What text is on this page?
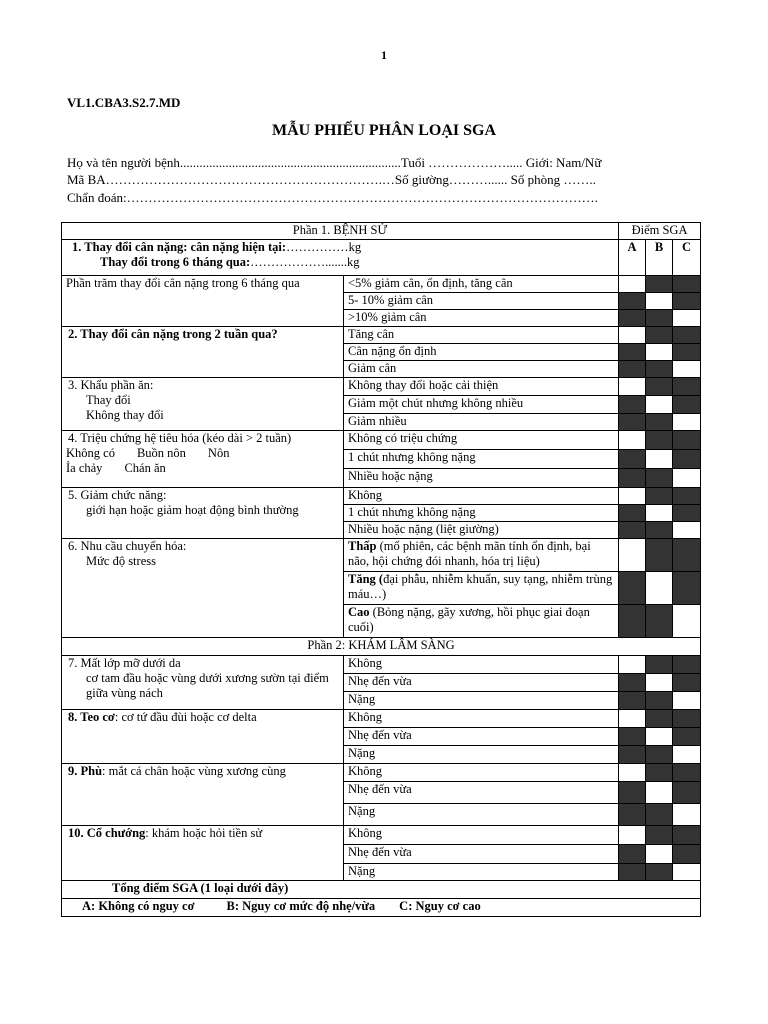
1
VL1.CBA3.S2.7.MD
MẪU PHIẾU PHÂN LOẠI SGA
Họ và tên người bệnh....................................................................Tuổi ………………..... Giới: Nam/Nữ
Mã BA……………………………………………………….…Số giường………...... Số phòng ……..
Chẩn đoán:……………………………………………………………………………………………….
Phần 1. BỆNH SỬ		Điểm SGA		

1. Thay đổi cân nặng: cân nặng hiện tại:……………kg
Thay đổi trong 6 tháng qua:……………….......kg		A	B	C
Phần trăm thay đổi cân nặng trong 6 tháng qua	<5% giảm cân, ổn định, tăng cân			
	5- 10% giảm cân			
	>10% giảm cân			
2. Thay đổi cân nặng trong 2 tuần qua?	Tăng cân			
	Cân nặng ổn định			
	Giảm cân			

3. Khẩu phần ăn:
Thay đổi
Không thay đổi	Không thay đổi hoặc cải thiện			
	Giảm một chút nhưng không nhiều			
	Giảm nhiều			

4. Triệu chứng hệ tiêu hóa (kéo dài > 2 tuần)
Không có Buồn nôn Nôn
Ỉa chảy Chán ăn	Không có triệu chứng			
	1 chút nhưng không nặng			
	Nhiều hoặc nặng			

5. Giảm chức năng:
giới hạn hoặc giảm hoạt động bình thường	Không			
	1 chút nhưng không nặng			
	Nhiều hoặc nặng (liệt giường)			

6. Nhu cầu chuyển hóa:
Mức độ stress	Thấp (mổ phiên, các bệnh mãn tính ổn định, bại não, hội chứng đói nhanh, hóa trị liệu)			
	Tăng (đại phẫu, nhiễm khuẩn, suy tạng, nhiễm trùng máu…)			
	Cao (Bỏng nặng, gãy xương, hồi phục giai đoạn cuối)			
Phần 2: KHÁM LÂM SÀNG				

7. Mất lớp mỡ dưới da
cơ tam đầu hoặc vùng dưới xương sườn tại điểm giữa vùng nách	Không			
	Nhẹ đến vừa			
	Nặng			

8. Teo cơ: cơ tứ đầu đùi hoặc cơ delta	Không			
	Nhẹ đến vừa			
	Nặng			

9. Phù: mắt cá chân hoặc vùng xương cùng	Không			
	Nhẹ đến vừa			
	Nặng			

10. Cổ chướng: khám hoặc hỏi tiền sử	Không			
	Nhẹ đến vừa			
	Nặng			
Tổng điểm SGA (1 loại dưới đây)				
A: Không có nguy cơ B: Nguy cơ mức độ nhẹ/vừa C: Nguy cơ cao				
